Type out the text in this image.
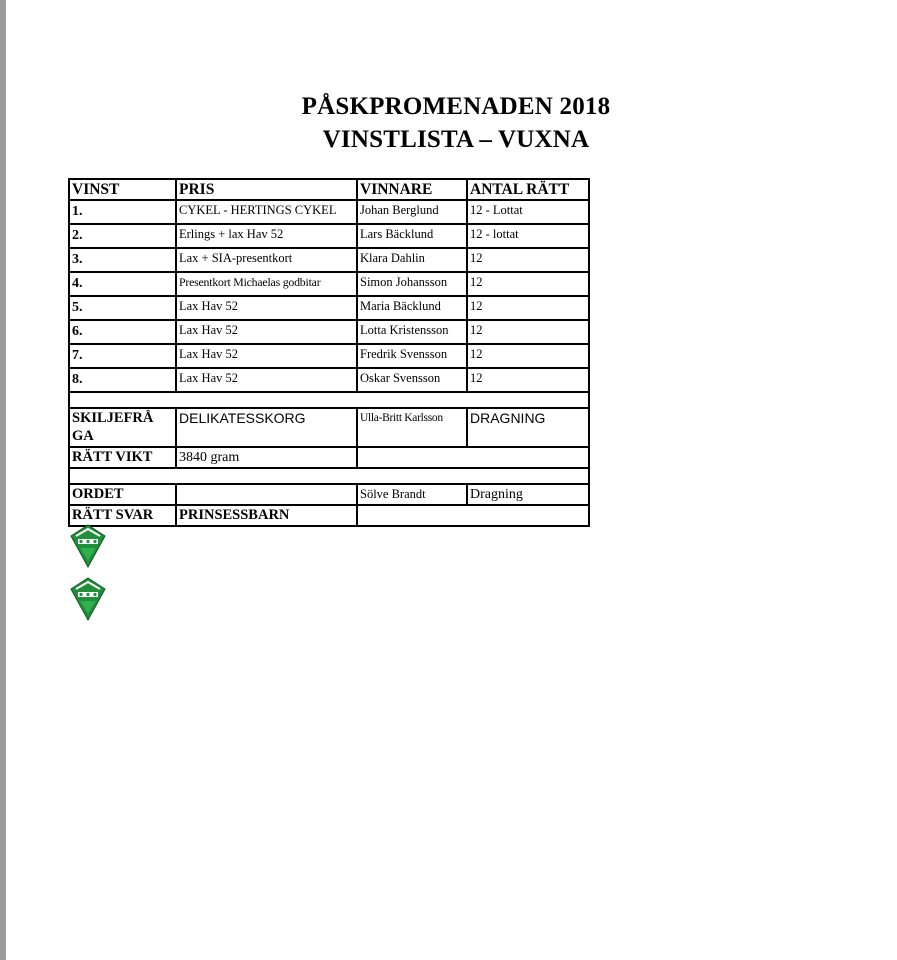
PÅSKPROMENADEN 2018
VINSTLISTA – VUXNA
VINST	PRIS	VINNARE	ANTAL RÄTT
1.	CYKEL - HERTINGS CYKEL	Johan Berglund	12 - Lottat
2.	Erlings + lax Hav 52	Lars Bäcklund	12 - lottat
3.	Lax + SIA-presentkort	Klara Dahlin	12
4.	Presentkort Michaelas godbitar	Simon Johansson	12
5.	Lax Hav 52	Maria Bäcklund	12
6.	Lax Hav 52	Lotta Kristensson	12
7.	Lax Hav 52	Fredrik Svensson	12
8.	Lax Hav 52	Oskar Svensson	12

SKILJEFRÅ
GA	DELIKATESSKORG	Ulla-Britt Karlsson	DRAGNING
RÄTT VIKT	3840 gram		

ORDET		Sölve Brandt	Dragning
RÄTT SVAR	PRINSESSBARN		
